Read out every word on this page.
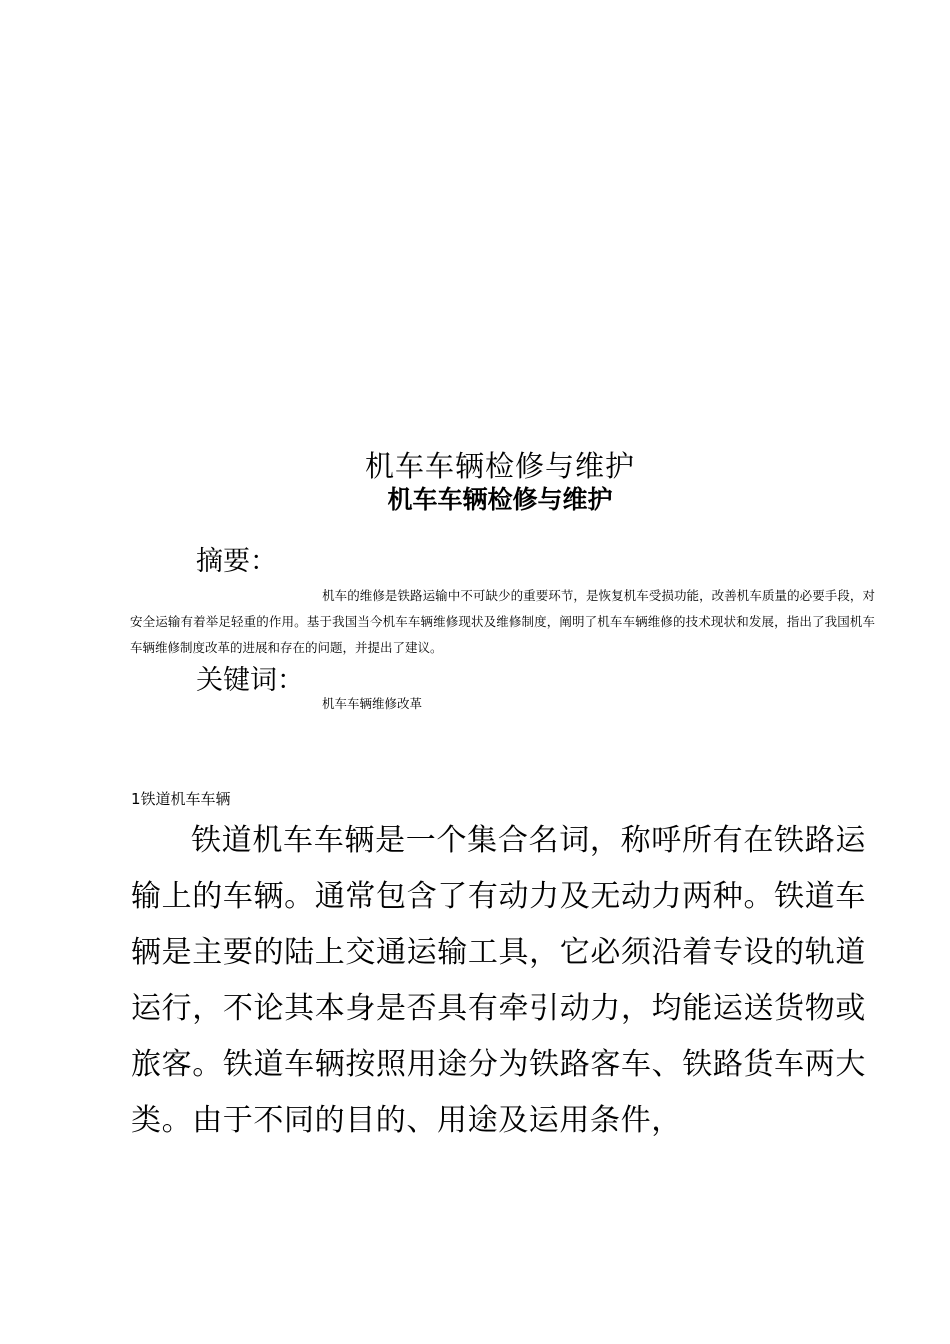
机车车辆检修与维护
机车车辆检修与维护
摘要：
机车的维修是铁路运输中不可缺少的重要环节，是恢复机车受损功能，改善机车质量的必要手段，对安全运输有着举足轻重的作用。基于我国当今机车车辆维修现状及维修制度，阐明了机车车辆维修的技术现状和发展，指出了我国机车车辆维修制度改革的进展和存在的问题，并提出了建议。
关键词：
机车车辆维修改革
1铁道机车车辆
铁道机车车辆是一个集合名词，称呼所有在铁路运输上的车辆。通常包含了有动力及无动力两种。铁道车辆是主要的陆上交通运输工具，它必须沿着专设的轨道运行，不论其本身是否具有牵引动力，均能运送货物或旅客。铁道车辆按照用途分为铁路客车、铁路货车两大类。由于不同的目的、用途及运用条件，
